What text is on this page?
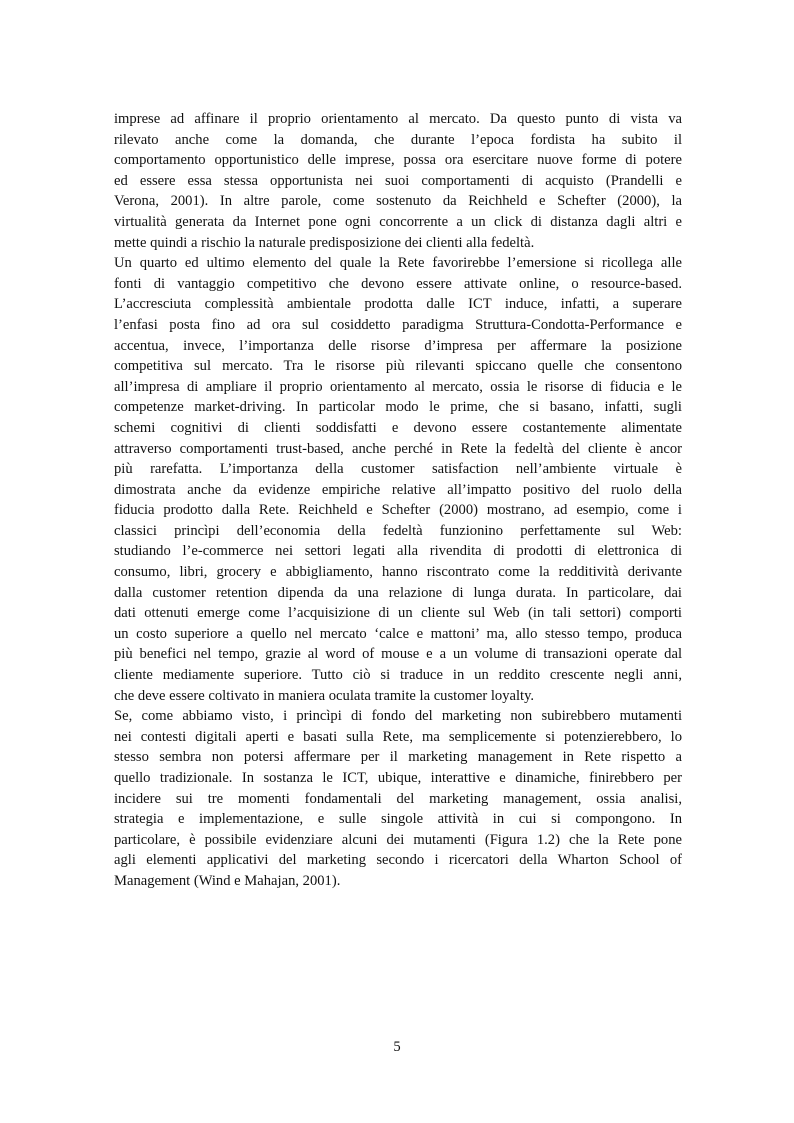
imprese ad affinare il proprio orientamento al mercato. Da questo punto di vista va
rilevato anche come la domanda, che durante l’epoca fordista ha subito il
comportamento opportunistico delle imprese, possa ora esercitare nuove forme di potere
ed essere essa stessa opportunista nei suoi comportamenti di acquisto (Prandelli e
Verona, 2001). In altre parole, come sostenuto da Reichheld e Schefter (2000), la
virtualità generata da Internet pone ogni concorrente a un click di distanza dagli altri e
mette quindi a rischio la naturale predisposizione dei clienti alla fedeltà.
Un quarto ed ultimo elemento del quale la Rete favorirebbe l’emersione si ricollega alle
fonti di vantaggio competitivo che devono essere attivate online, o resource-based.
L’accresciuta complessità ambientale prodotta dalle ICT induce, infatti, a superare
l’enfasi posta fino ad ora sul cosiddetto paradigma Struttura-Condotta-Performance e
accentua, invece, l’importanza delle risorse d’impresa per affermare la posizione
competitiva sul mercato. Tra le risorse più rilevanti spiccano quelle che consentono
all’impresa di ampliare il proprio orientamento al mercato, ossia le risorse di fiducia e le
competenze market-driving. In particolar modo le prime, che si basano, infatti, sugli
schemi cognitivi di clienti soddisfatti e devono essere costantemente alimentate
attraverso comportamenti trust-based, anche perché in Rete la fedeltà del cliente è ancor
più rarefatta. L’importanza della customer satisfaction nell’ambiente virtuale è
dimostrata anche da evidenze empiriche relative all’impatto positivo del ruolo della
fiducia prodotto dalla Rete. Reichheld e Schefter (2000) mostrano, ad esempio, come i
classici princìpi dell’economia della fedeltà funzionino perfettamente sul Web:
studiando l’e-commerce nei settori legati alla rivendita di prodotti di elettronica di
consumo, libri, grocery e abbigliamento, hanno riscontrato come la redditività derivante
dalla customer retention dipenda da una relazione di lunga durata. In particolare, dai
dati ottenuti emerge come l’acquisizione di un cliente sul Web (in tali settori) comporti
un costo superiore a quello nel mercato ‘calce e mattoni’ ma, allo stesso tempo, produca
più benefici nel tempo, grazie al word of mouse e a un volume di transazioni operate dal
cliente mediamente superiore. Tutto ciò si traduce in un reddito crescente negli anni,
che deve essere coltivato in maniera oculata tramite la customer loyalty.
Se, come abbiamo visto, i princìpi di fondo del marketing non subirebbero mutamenti
nei contesti digitali aperti e basati sulla Rete, ma semplicemente si potenzierebbero, lo
stesso sembra non potersi affermare per il marketing management in Rete rispetto a
quello tradizionale. In sostanza le ICT, ubique, interattive e dinamiche, finirebbero per
incidere sui tre momenti fondamentali del marketing management, ossia analisi,
strategia e implementazione, e sulle singole attività in cui si compongono. In
particolare, è possibile evidenziare alcuni dei mutamenti (Figura 1.2) che la Rete pone
agli elementi applicativi del marketing secondo i ricercatori della Wharton School of
Management (Wind e Mahajan, 2001).
5
